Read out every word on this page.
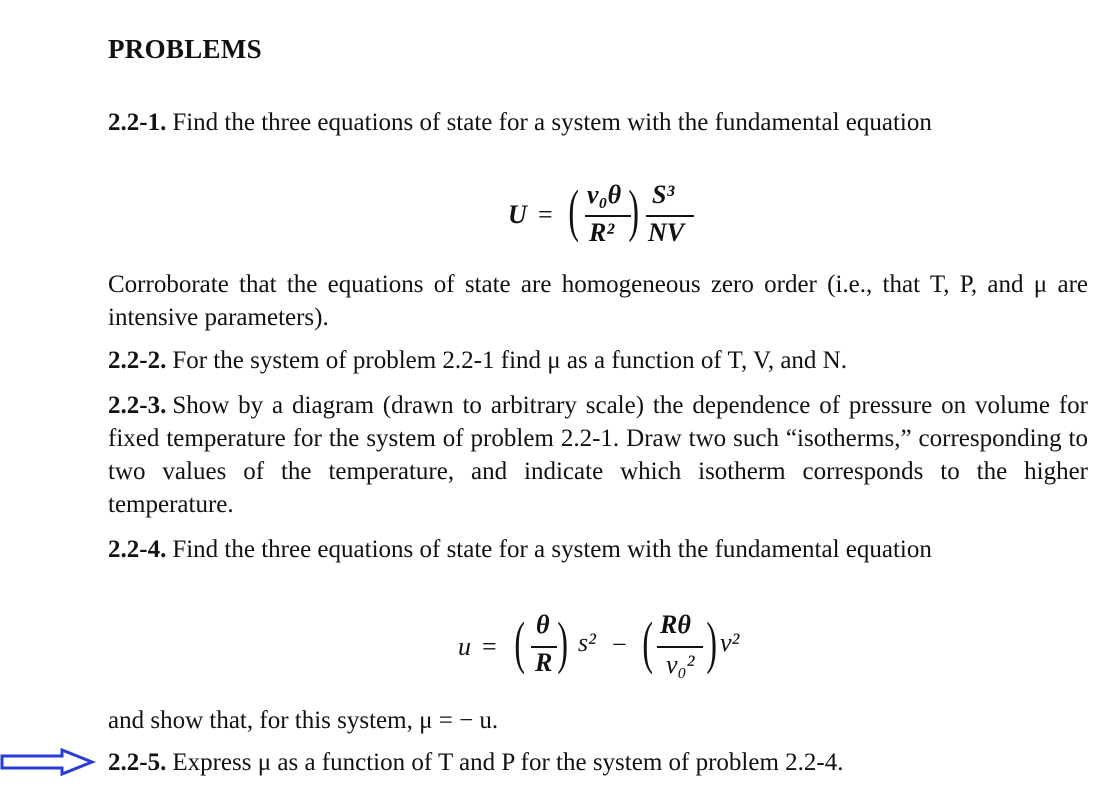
PROBLEMS

2.2-1. Find the three equations of state for a system with the fundamental equation

U = ( v₀θ
R² ) S³
NV

Corroborate that the equations of state are homogeneous zero order (i.e., that T, P, and μ are intensive parameters).

2.2-2. For the system of problem 2.2-1 find μ as a function of T, V, and N.

2.2-3. Show by a diagram (drawn to arbitrary scale) the dependence of pressure on volume for fixed temperature for the system of problem 2.2-1. Draw two such “isotherms,” corresponding to two values of the temperature, and indicate which isotherm corresponds to the higher temperature.

2.2-4. Find the three equations of state for a system with the fundamental equation

u = ( θ
R ) s² − ( Rθ
v₀² ) v²

and show that, for this system, μ = − u.

2.2-5. Express μ as a function of T and P for the system of problem 2.2-4.
